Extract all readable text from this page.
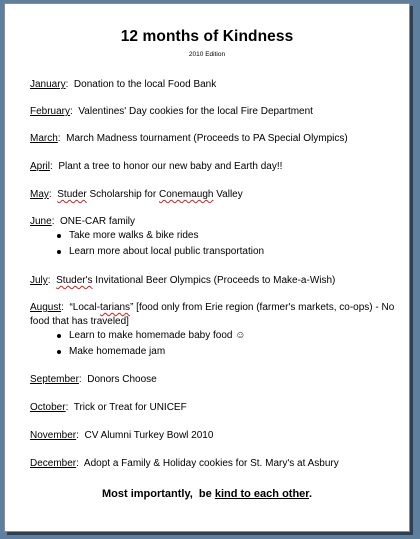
12 months of Kindness
2010 Edition
January:  Donation to the local Food Bank
February:  Valentines' Day cookies for the local Fire Department
March:  March Madness tournament (Proceeds to PA Special Olympics)
April:  Plant a tree to honor our new baby and Earth day!!
May: Studer Scholarship for Conemaugh Valley
June:  ONE-CAR family
Take more walks & bike rides
Learn more about local public transportation
July: Studer's Invitational Beer Olympics (Proceeds to Make-a-Wish)
August:  “Local-tarians” [food only from Erie region (farmer's markets, co-ops) - No food that has traveled]
Learn to make homemade baby food ☺
Make homemade jam
September:  Donors Choose
October:  Trick or Treat for UNICEF
November:  CV Alumni Turkey Bowl 2010
December:  Adopt a Family & Holiday cookies for St. Mary's at Asbury
Most importantly,  be kind to each other.
